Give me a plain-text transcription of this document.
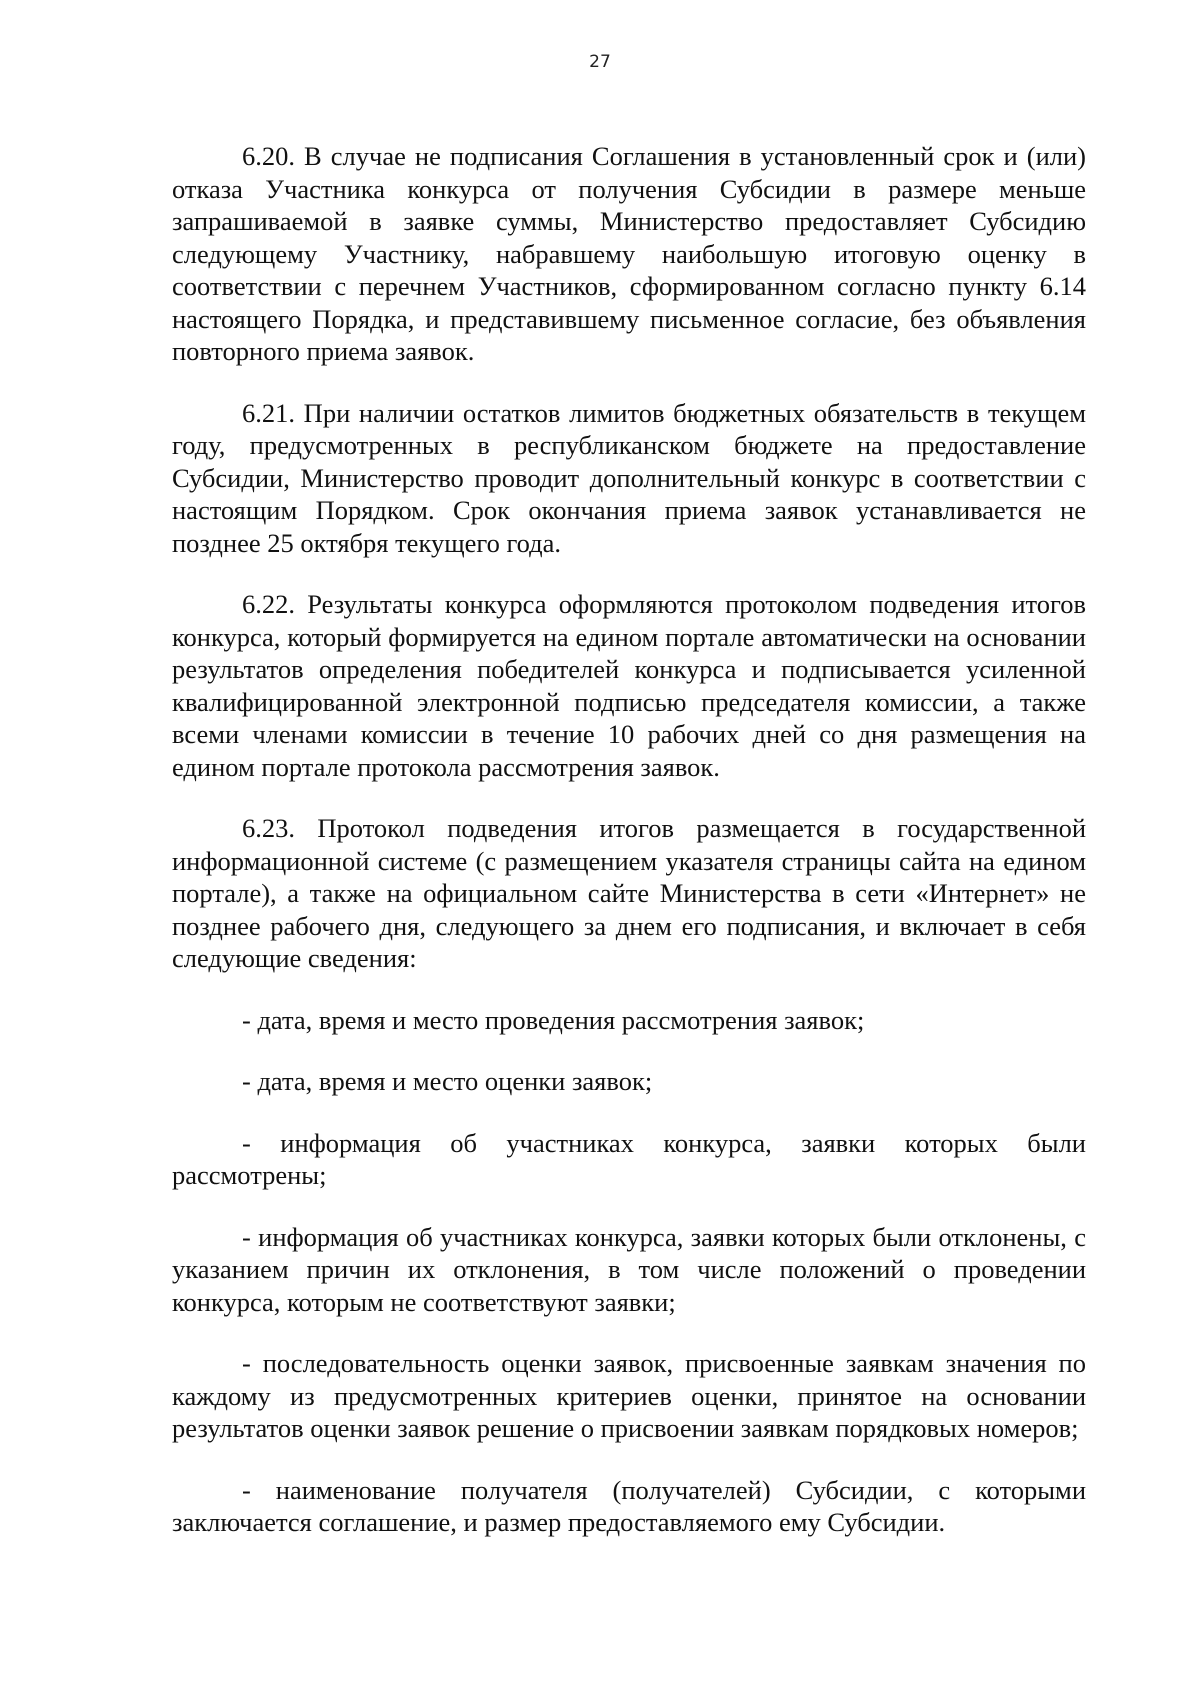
27

6.20. В случае не подписания Соглашения в установленный срок и (или) отказа Участника конкурса от получения Субсидии в размере меньше запрашиваемой в заявке суммы, Министерство предоставляет Субсидию следующему Участнику, набравшему наибольшую итоговую оценку в соответствии с перечнем Участников, сформированном согласно пункту 6.14 настоящего Порядка, и представившему письменное согласие, без объявления повторного приема заявок.

6.21. При наличии остатков лимитов бюджетных обязательств в текущем году, предусмотренных в республиканском бюджете на предоставление Субсидии, Министерство проводит дополнительный конкурс в соответствии с настоящим Порядком. Срок окончания приема заявок устанавливается не позднее 25 октября текущего года.

6.22. Результаты конкурса оформляются протоколом подведения итогов конкурса, который формируется на едином портале автоматически на основании результатов определения победителей конкурса и подписывается усиленной квалифицированной электронной подписью председателя комиссии, а также всеми членами комиссии в течение 10 рабочих дней со дня размещения на едином портале протокола рассмотрения заявок.

6.23. Протокол подведения итогов размещается в государственной информационной системе (с размещением указателя страницы сайта на едином портале), а также на официальном сайте Министерства в сети «Интернет» не позднее рабочего дня, следующего за днем его подписания, и включает в себя следующие сведения:

- дата, время и место проведения рассмотрения заявок;

- дата, время и место оценки заявок;

- информация об участниках конкурса, заявки которых были рассмотрены;

- информация об участниках конкурса, заявки которых были отклонены, с указанием причин их отклонения, в том числе положений о проведении конкурса, которым не соответствуют заявки;

- последовательность оценки заявок, присвоенные заявкам значения по каждому из предусмотренных критериев оценки, принятое на основании результатов оценки заявок решение о присвоении заявкам порядковых номеров;

- наименование получателя (получателей) Субсидии, с которыми заключается соглашение, и размер предоставляемого ему Субсидии.
